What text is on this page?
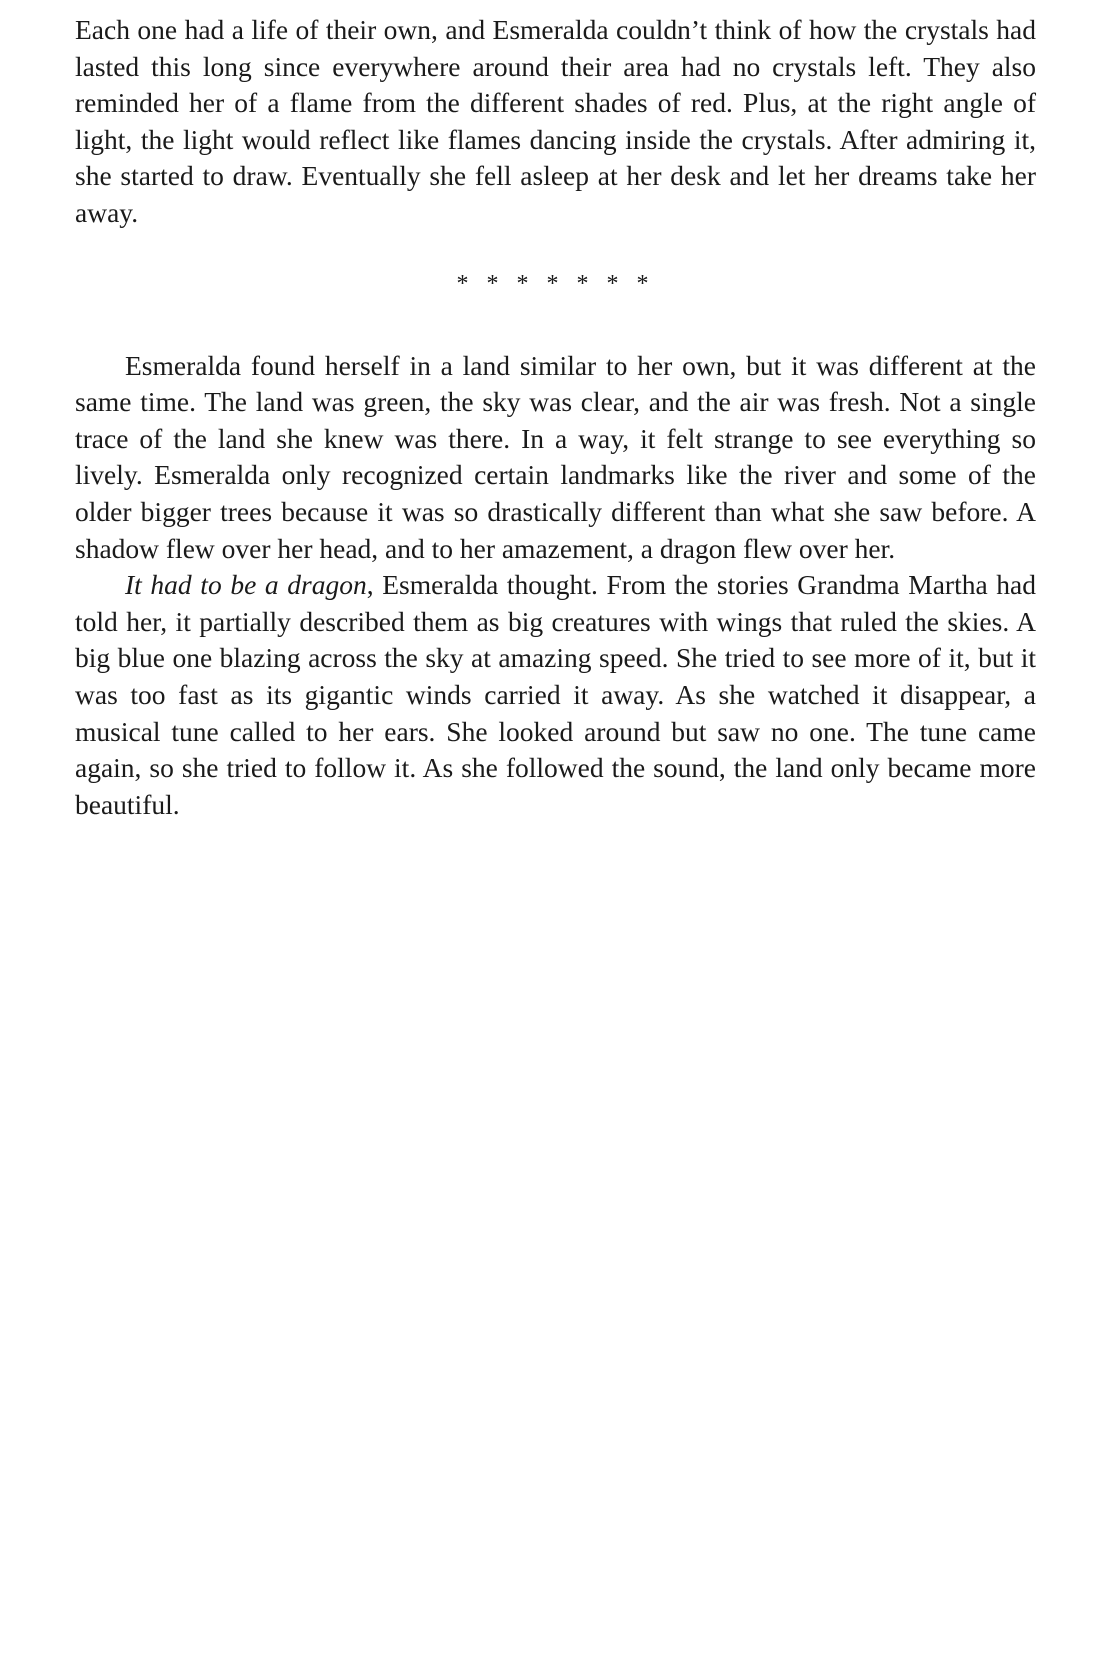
Each one had a life of their own, and Esmeralda couldn’t think of how the crystals had lasted this long since everywhere around their area had no crystals left. They also reminded her of a flame from the different shades of red. Plus, at the right angle of light, the light would reflect like flames dancing inside the crystals. After admiring it, she started to draw. Eventually she fell asleep at her desk and let her dreams take her away.

* * * * * * *

Esmeralda found herself in a land similar to her own, but it was different at the same time. The land was green, the sky was clear, and the air was fresh. Not a single trace of the land she knew was there. In a way, it felt strange to see everything so lively. Esmeralda only recognized certain landmarks like the river and some of the older bigger trees because it was so drastically different than what she saw before. A shadow flew over her head, and to her amazement, a dragon flew over her.

It had to be a dragon, Esmeralda thought. From the stories Grandma Martha had told her, it partially described them as big creatures with wings that ruled the skies. A big blue one blazing across the sky at amazing speed. She tried to see more of it, but it was too fast as its gigantic winds carried it away. As she watched it disappear, a musical tune called to her ears. She looked around but saw no one. The tune came again, so she tried to follow it. As she followed the sound, the land only became more beautiful.
